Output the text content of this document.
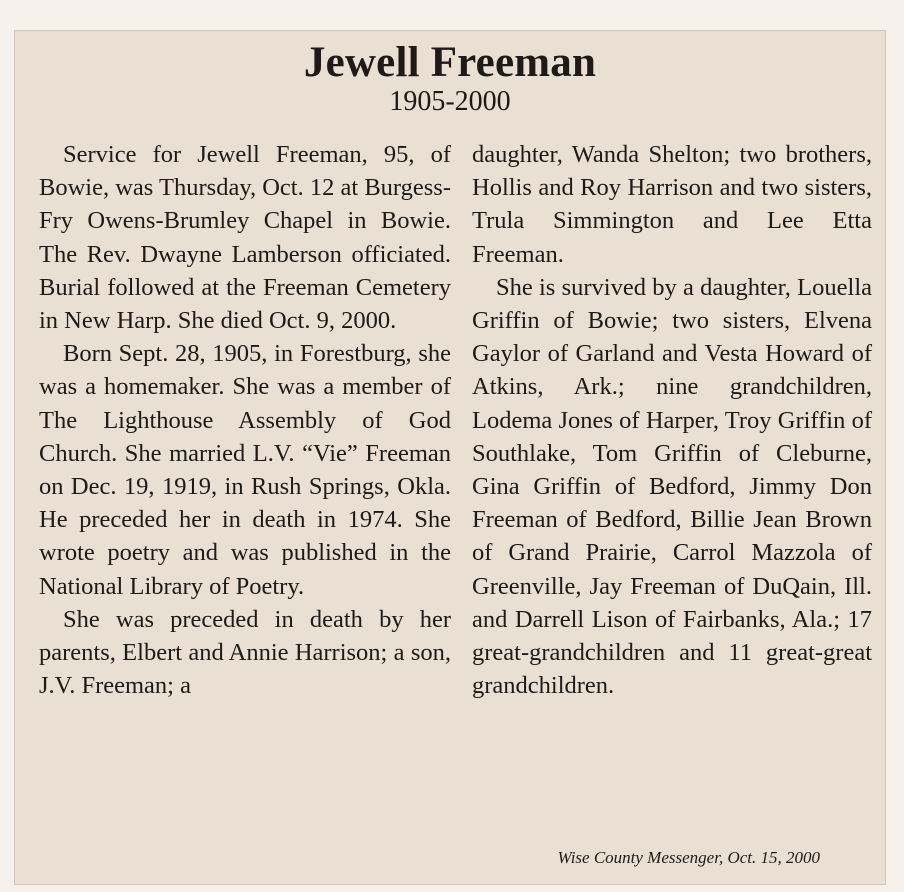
Jewell Freeman
1905-2000

Service for Jewell Freeman, 95, of Bowie, was Thursday, Oct. 12 at Burgess-Fry Owens-Brumley Chapel in Bowie. The Rev. Dwayne Lamberson officiated. Burial followed at the Freeman Cemetery in New Harp. She died Oct. 9, 2000.

Born Sept. 28, 1905, in Forestburg, she was a homemaker. She was a member of The Lighthouse Assembly of God Church. She married L.V. “Vie” Freeman on Dec. 19, 1919, in Rush Springs, Okla. He preceded her in death in 1974. She wrote poetry and was published in the National Library of Poetry.

She was preceded in death by her parents, Elbert and Annie Harrison; a son, J.V. Freeman; a

daughter, Wanda Shelton; two brothers, Hollis and Roy Harrison and two sisters, Trula Simmington and Lee Etta Freeman.

She is survived by a daughter, Louella Griffin of Bowie; two sisters, Elvena Gaylor of Garland and Vesta Howard of Atkins, Ark.; nine grandchildren, Lodema Jones of Harper, Troy Griffin of Southlake, Tom Griffin of Cleburne, Gina Griffin of Bedford, Jimmy Don Freeman of Bedford, Billie Jean Brown of Grand Prairie, Carrol Mazzola of Greenville, Jay Freeman of DuQain, Ill. and Darrell Lison of Fairbanks, Ala.; 17 great-grandchildren and 11 great-great grandchildren.

Wise County Messenger, Oct. 15, 2000
